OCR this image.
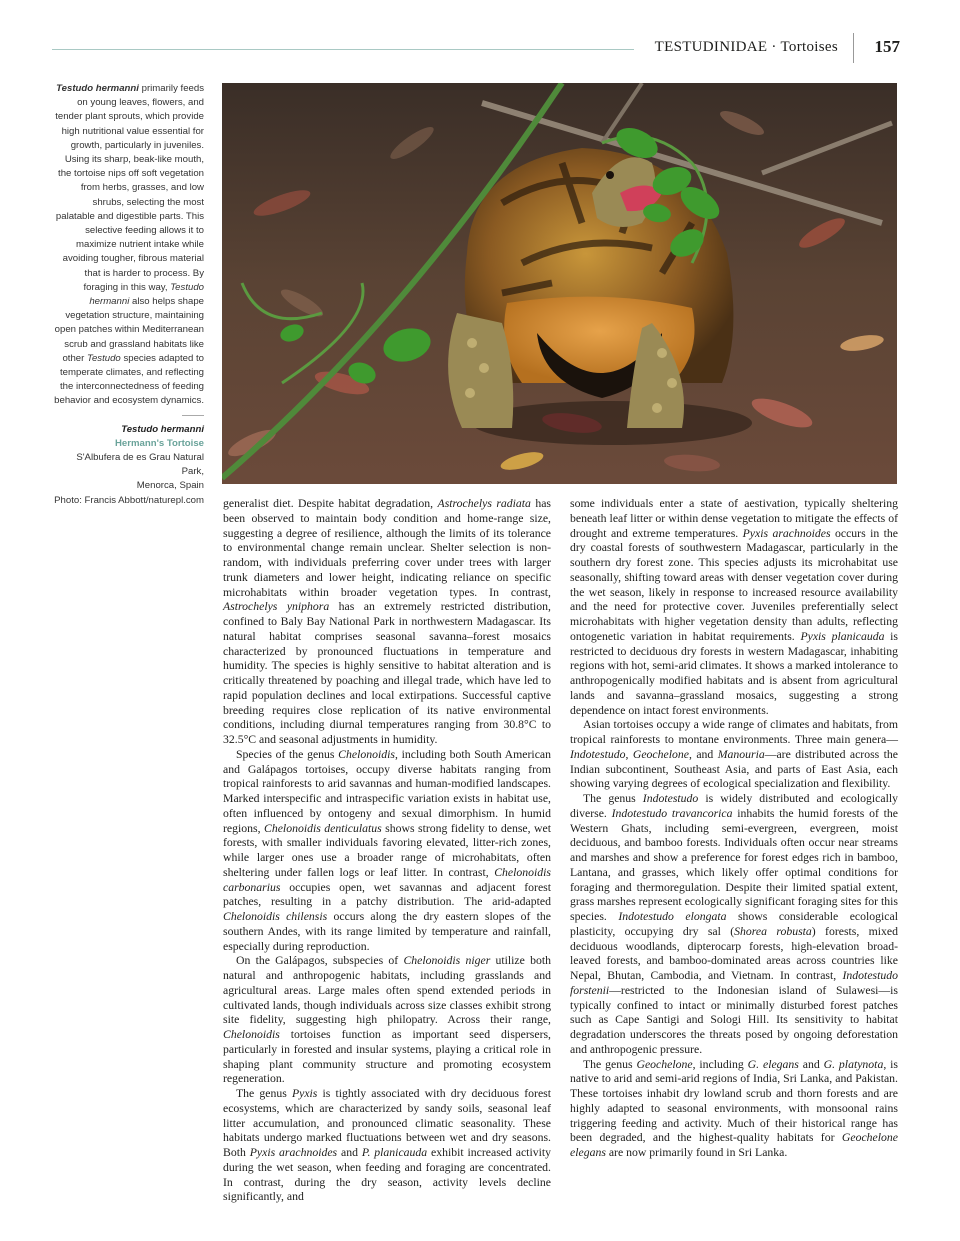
TESTUDINIDAE · Tortoises	157
Testudo hermanni primarily feeds on young leaves, flowers, and tender plant sprouts, which provide high nutritional value essential for growth, particularly in juveniles. Using its sharp, beak-like mouth, the tortoise nips off soft vegetation from herbs, grasses, and low shrubs, selecting the most palatable and digestible parts. This selective feeding allows it to maximize nutrient intake while avoiding tougher, fibrous material that is harder to process. By foraging in this way, Testudo hermanni also helps shape vegetation structure, maintaining open patches within Mediterranean scrub and grassland habitats like other Testudo species adapted to temperate climates, and reflecting the interconnectedness of feeding behavior and ecosystem dynamics.
Testudo hermanni
Hermann's Tortoise
S'Albufera de es Grau Natural Park,
Menorca, Spain
Photo: Francis Abbott/naturepl.com generalist diet. Despite habitat degradation, Astrochelys radiata has been observed to maintain body condition and home-range size, suggesting a degree of resilience, although the limits of its tolerance to environmental change remain unclear. Shelter selection is non-random, with individuals preferring cover under trees with larger trunk diameters and lower height, indicating reliance on specific microhabitats within broader vegetation types. In contrast, Astrochelys yniphora has an extremely restricted distribution, confined to Baly Bay National Park in northwestern Madagascar. Its natural habitat comprises seasonal savanna–forest mosaics characterized by pronounced fluctuations in temperature and humidity. The species is highly sensitive to habitat alteration and is critically threatened by poaching and illegal trade, which have led to rapid population declines and local extirpations. Successful captive breeding requires close replication of its native environmental conditions, including diurnal temperatures ranging from 30.8°C to 32.5°C and seasonal adjustments in humidity.

Species of the genus Chelonoidis, including both South American and Galápagos tortoises, occupy diverse habitats ranging from tropical rainforests to arid savannas and human-modified landscapes. Marked interspecific and intraspecific variation exists in habitat use, often influenced by ontogeny and sexual dimorphism. In humid regions, Chelonoidis denticulatus shows strong fidelity to dense, wet forests, with smaller individuals favoring elevated, litter-rich zones, while larger ones use a broader range of microhabitats, often sheltering under fallen logs or leaf litter. In contrast, Chelonoidis carbonarius occupies open, wet savannas and adjacent forest patches, resulting in a patchy distribution. The arid-adapted Chelonoidis chilensis occurs along the dry eastern slopes of the southern Andes, with its range limited by temperature and rainfall, especially during reproduction.

On the Galápagos, subspecies of Chelonoidis niger utilize both natural and anthropogenic habitats, including grasslands and agricultural areas. Large males often spend extended periods in cultivated lands, though individuals across size classes exhibit strong site fidelity, suggesting high philopatry. Across their range, Chelonoidis tortoises function as important seed dispersers, particularly in forested and insular systems, playing a critical role in shaping plant community structure and promoting ecosystem regeneration.

The genus Pyxis is tightly associated with dry deciduous forest ecosystems, which are characterized by sandy soils, seasonal leaf litter accumulation, and pronounced climatic seasonality. These habitats undergo marked fluctuations between wet and dry seasons. Both Pyxis arachnoides and P. planicauda exhibit increased activity during the wet season, when feeding and foraging are concentrated. In contrast, during the dry season, activity levels decline significantly, and

some individuals enter a state of aestivation, typically sheltering beneath leaf litter or within dense vegetation to mitigate the effects of drought and extreme temperatures. Pyxis arachnoides occurs in the dry coastal forests of southwestern Madagascar, particularly in the southern dry forest zone. This species adjusts its microhabitat use seasonally, shifting toward areas with denser vegetation cover during the wet season, likely in response to increased resource availability and the need for protective cover. Juveniles preferentially select microhabitats with higher vegetation density than adults, reflecting ontogenetic variation in habitat requirements. Pyxis planicauda is restricted to deciduous dry forests in western Madagascar, inhabiting regions with hot, semi-arid climates. It shows a marked intolerance to anthropogenically modified habitats and is absent from agricultural lands and savanna–grassland mosaics, suggesting a strong dependence on intact forest environments.

Asian tortoises occupy a wide range of climates and habitats, from tropical rainforests to montane environments. Three main genera—Indotestudo, Geochelone, and Manouria—are distributed across the Indian subcontinent, Southeast Asia, and parts of East Asia, each showing varying degrees of ecological specialization and flexibility.

The genus Indotestudo is widely distributed and ecologically diverse. Indotestudo travancorica inhabits the humid forests of the Western Ghats, including semi-evergreen, evergreen, moist deciduous, and bamboo forests. Individuals often occur near streams and marshes and show a preference for forest edges rich in bamboo, Lantana, and grasses, which likely offer optimal conditions for foraging and thermoregulation. Despite their limited spatial extent, grass marshes represent ecologically significant foraging sites for this species. Indotestudo elongata shows considerable ecological plasticity, occupying dry sal (Shorea robusta) forests, mixed deciduous woodlands, dipterocarp forests, high-elevation broad-leaved forests, and bamboo-dominated areas across countries like Nepal, Bhutan, Cambodia, and Vietnam. In contrast, Indotestudo forstenii—restricted to the Indonesian island of Sulawesi—is typically confined to intact or minimally disturbed forest patches such as Cape Santigi and Sologi Hill. Its sensitivity to habitat degradation underscores the threats posed by ongoing deforestation and anthropogenic pressure.

The genus Geochelone, including G. elegans and G. platynota, is native to arid and semi-arid regions of India, Sri Lanka, and Pakistan. These tortoises inhabit dry lowland scrub and thorn forests and are highly adapted to seasonal environments, with monsoonal rains triggering feeding and activity. Much of their historical range has been degraded, and the highest-quality habitats for Geochelone elegans are now primarily found in Sri Lanka.
